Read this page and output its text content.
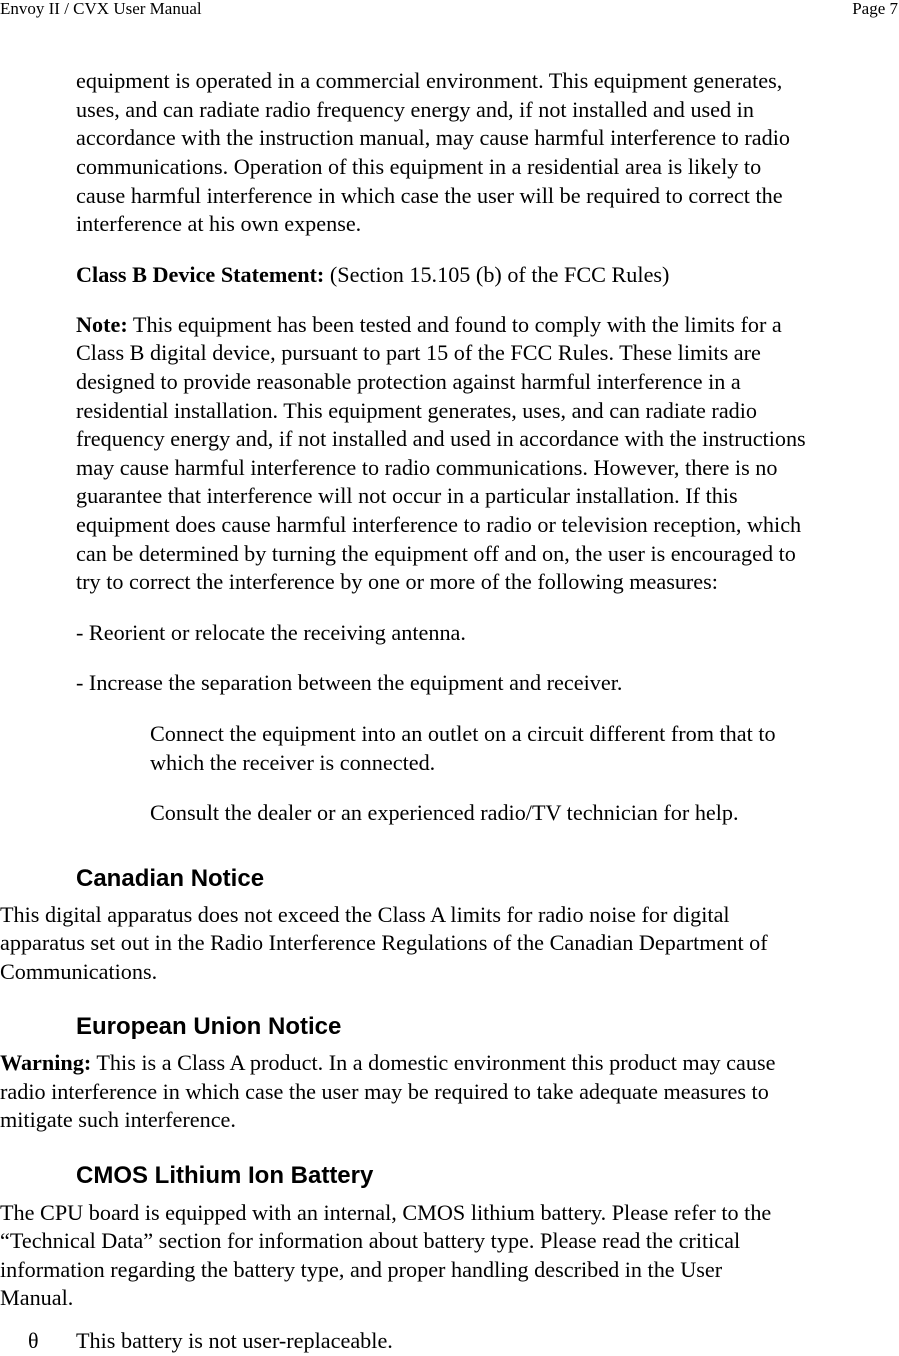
Envoy II / CVX User Manual	Page 7
equipment is operated in a commercial environment. This equipment generates,
uses, and can radiate radio frequency energy and, if not installed and used in
accordance with the instruction manual, may cause harmful interference to radio
communications. Operation of this equipment in a residential area is likely to
cause harmful interference in which case the user will be required to correct the
interference at his own expense.
Class B Device Statement: (Section 15.105 (b) of the FCC Rules)
Note: This equipment has been tested and found to comply with the limits for a
Class B digital device, pursuant to part 15 of the FCC Rules. These limits are
designed to provide reasonable protection against harmful interference in a
residential installation. This equipment generates, uses, and can radiate radio
frequency energy and, if not installed and used in accordance with the instructions
may cause harmful interference to radio communications. However, there is no
guarantee that interference will not occur in a particular installation. If this
equipment does cause harmful interference to radio or television reception, which
can be determined by turning the equipment off and on, the user is encouraged to
try to correct the interference by one or more of the following measures:
- Reorient or relocate the receiving antenna.
- Increase the separation between the equipment and receiver.
Connect the equipment into an outlet on a circuit different from that to
which the receiver is connected.
Consult the dealer or an experienced radio/TV technician for help.
Canadian Notice
This digital apparatus does not exceed the Class A limits for radio noise for digital
apparatus set out in the Radio Interference Regulations of the Canadian Department of
Communications.
European Union Notice
Warning: This is a Class A product. In a domestic environment this product may cause
radio interference in which case the user may be required to take adequate measures to
mitigate such interference.
CMOS Lithium Ion Battery
The CPU board is equipped with an internal, CMOS lithium battery. Please refer to the
“Technical Data” section for information about battery type. Please read the critical
information regarding the battery type, and proper handling described in the User
Manual.
θ This battery is not user-replaceable.
